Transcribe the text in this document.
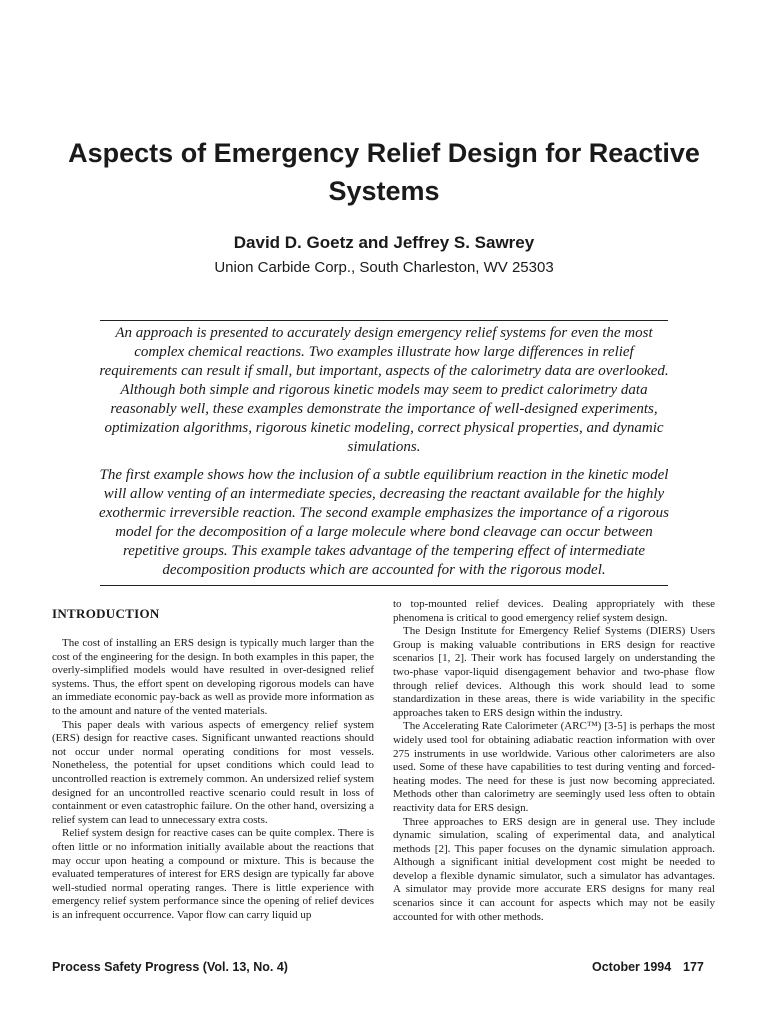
Aspects of Emergency Relief Design for Reactive Systems
David D. Goetz and Jeffrey S. Sawrey
Union Carbide Corp., South Charleston, WV 25303

An approach is presented to accurately design emergency relief systems for even the most complex chemical reactions. Two examples illustrate how large differences in relief requirements can result if small, but important, aspects of the calorimetry data are overlooked. Although both simple and rigorous kinetic models may seem to predict calorimetry data reasonably well, these examples demonstrate the importance of well-designed experiments, optimization algorithms, rigorous kinetic modeling, correct physical properties, and dynamic simulations.

The first example shows how the inclusion of a subtle equilibrium reaction in the kinetic model will allow venting of an intermediate species, decreasing the reactant available for the highly exothermic irreversible reaction. The second example emphasizes the importance of a rigorous model for the decomposition of a large molecule where bond cleavage can occur between repetitive groups. This example takes advantage of the tempering effect of intermediate decomposition products which are accounted for with the rigorous model.

INTRODUCTION

The cost of installing an ERS design is typically much larger than the cost of the engineering for the design. In both examples in this paper, the overly-simplified models would have resulted in over-designed relief systems. Thus, the effort spent on developing rigorous models can have an immediate economic pay-back as well as provide more information as to the amount and nature of the vented materials.

This paper deals with various aspects of emergency relief system (ERS) design for reactive cases. Significant unwanted reactions should not occur under normal operating conditions for most vessels. Nonetheless, the potential for upset conditions which could lead to uncontrolled reaction is extremely common. An undersized relief system designed for an uncontrolled reactive scenario could result in loss of containment or even catastrophic failure. On the other hand, oversizing a relief system can lead to unnecessary extra costs.

Relief system design for reactive cases can be quite complex. There is often little or no information initially available about the reactions that may occur upon heating a compound or mixture. This is because the evaluated temperatures of interest for ERS design are typically far above well-studied normal operating ranges. There is little experience with emergency relief system performance since the opening of relief devices is an infrequent occurrence. Vapor flow can carry liquid up

to top-mounted relief devices. Dealing appropriately with these phenomena is critical to good emergency relief system design.

The Design Institute for Emergency Relief Systems (DIERS) Users Group is making valuable contributions in ERS design for reactive scenarios [1, 2]. Their work has focused largely on understanding the two-phase vapor-liquid disengagement behavior and two-phase flow through relief devices. Although this work should lead to some standardization in these areas, there is wide variability in the specific approaches taken to ERS design within the industry.

The Accelerating Rate Calorimeter (ARC™) [3-5] is perhaps the most widely used tool for obtaining adiabatic reaction information with over 275 instruments in use worldwide. Various other calorimeters are also used. Some of these have capabilities to test during venting and forced-heating modes. The need for these is just now becoming appreciated. Methods other than calorimetry are seemingly used less often to obtain reactivity data for ERS design.

Three approaches to ERS design are in general use. They include dynamic simulation, scaling of experimental data, and analytical methods [2]. This paper focuses on the dynamic simulation approach. Although a significant initial development cost might be needed to develop a flexible dynamic simulator, such a simulator has advantages. A simulator may provide more accurate ERS designs for many real scenarios since it can account for aspects which may not be easily accounted for with other methods.

Process Safety Progress (Vol. 13, No. 4)	October 1994 177
